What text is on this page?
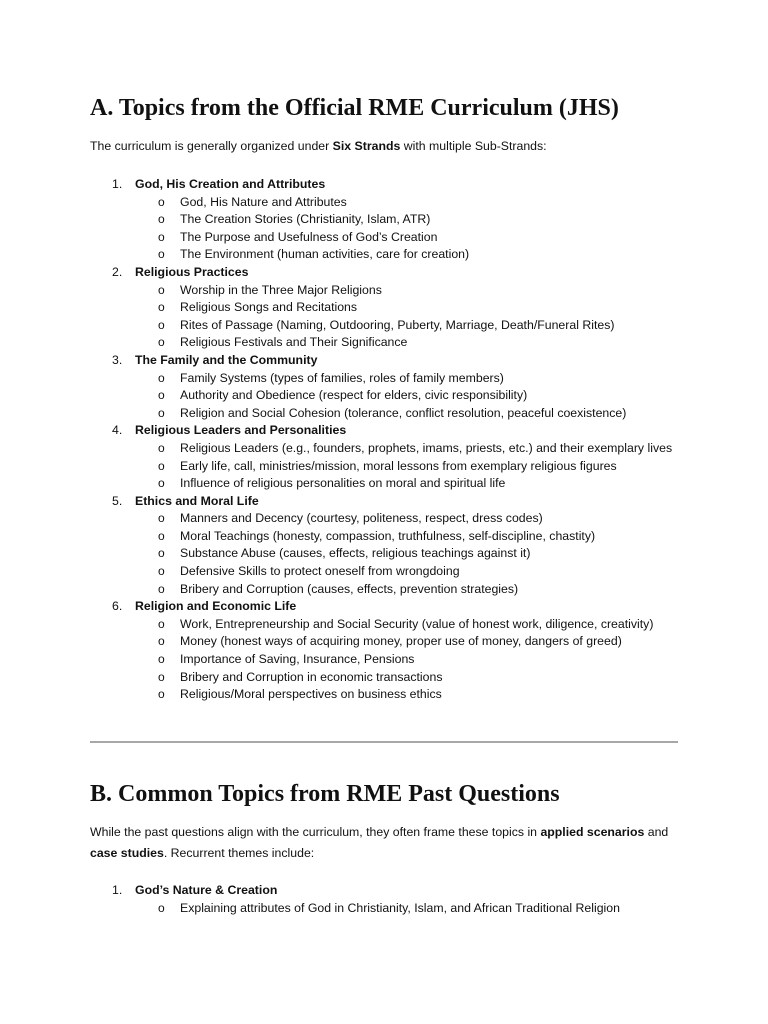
A. Topics from the Official RME Curriculum (JHS)

The curriculum is generally organized under Six Strands with multiple Sub-Strands:

1. God, His Creation and Attributes
o God, His Nature and Attributes
o The Creation Stories (Christianity, Islam, ATR)
o The Purpose and Usefulness of God’s Creation
o The Environment (human activities, care for creation)
2. Religious Practices
o Worship in the Three Major Religions
o Religious Songs and Recitations
o Rites of Passage (Naming, Outdooring, Puberty, Marriage, Death/Funeral Rites)
o Religious Festivals and Their Significance
3. The Family and the Community
o Family Systems (types of families, roles of family members)
o Authority and Obedience (respect for elders, civic responsibility)
o Religion and Social Cohesion (tolerance, conflict resolution, peaceful coexistence)
4. Religious Leaders and Personalities
o Religious Leaders (e.g., founders, prophets, imams, priests, etc.) and their exemplary lives
o Early life, call, ministries/mission, moral lessons from exemplary religious figures
o Influence of religious personalities on moral and spiritual life
5. Ethics and Moral Life
o Manners and Decency (courtesy, politeness, respect, dress codes)
o Moral Teachings (honesty, compassion, truthfulness, self-discipline, chastity)
o Substance Abuse (causes, effects, religious teachings against it)
o Defensive Skills to protect oneself from wrongdoing
o Bribery and Corruption (causes, effects, prevention strategies)
6. Religion and Economic Life
o Work, Entrepreneurship and Social Security (value of honest work, diligence, creativity)
o Money (honest ways of acquiring money, proper use of money, dangers of greed)
o Importance of Saving, Insurance, Pensions
o Bribery and Corruption in economic transactions
o Religious/Moral perspectives on business ethics
B. Common Topics from RME Past Questions

While the past questions align with the curriculum, they often frame these topics in applied scenarios and case studies. Recurrent themes include:

1. God’s Nature & Creation
o Explaining attributes of God in Christianity, Islam, and African Traditional Religion
